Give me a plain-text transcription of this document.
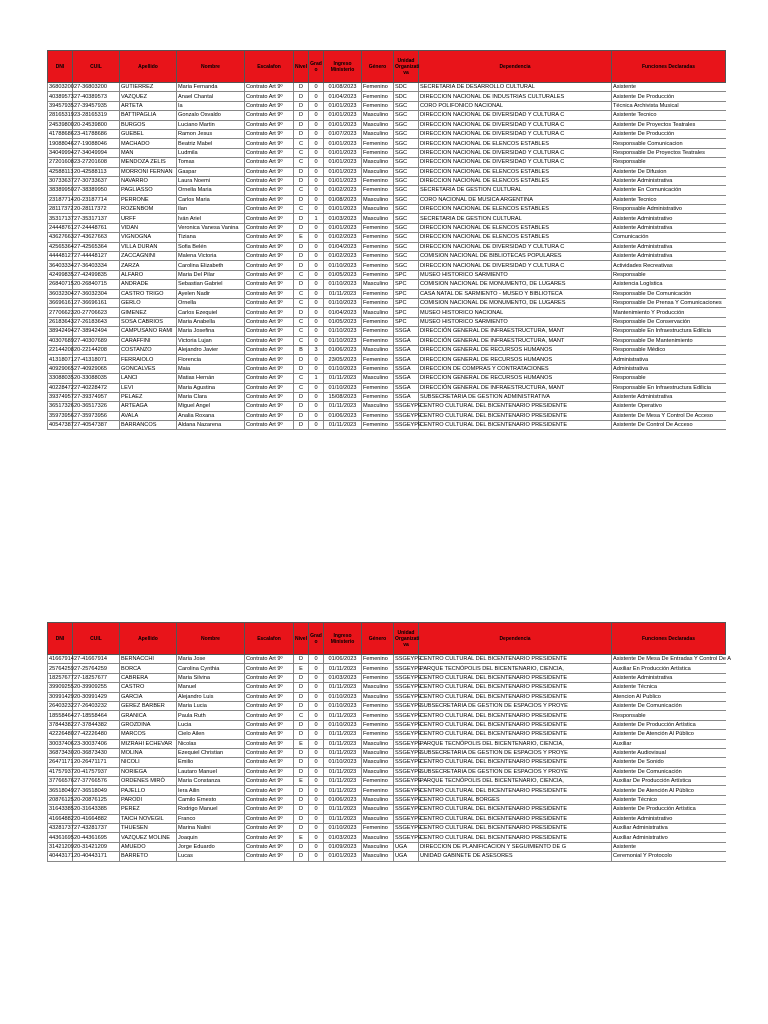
DNI	CUIL	Apellido	Nombre	Escalafon	Nivel	Grad o	Ingreso Ministerio	Género	Unidad Organizati va	Dependencia	Funciones Declaradas
36803200	27-36803200	GUTIERREZ	Maria Fernanda	Contrato Art 9º	D	0	01/08/2023	Femenino	SDC	SECRETARIA DE DESARROLLO CULTURAL	Asistente
40389573	27-40389573	VAZQUEZ	Anael Chantal	Contrato Art 9º	D	0	01/04/2023	Femenino	SDC	DIRECCION NACIONAL DE INDUSTRIAS CULTURALES	Asistente De Producción
39457935	27-39457935	ARTETA	Ia	Contrato Art 9º	D	0	01/01/2023	Femenino	SGC	CORO POLIFONICO NACIONAL	Técnica Archivista Musical
28165319	23-28165319	BATTIPAGLIA	Gonzalo Osvaldo	Contrato Art 9º	D	0	01/01/2023	Masculino	SGC	DIRECCION NACIONAL DE DIVERSIDAD Y CULTURA C	Asistente Tecnico
24539800	20-24539800	BURGOS	Luciano Martin	Contrato Art 9º	D	0	01/01/2023	Masculino	SGC	DIRECCION NACIONAL DE DIVERSIDAD Y CULTURA C	Asistente De Proyectos Teatrales
41788686	23-41788686	GUEBEL	Ramon Jesus	Contrato Art 9º	D	0	01/07/2023	Masculino	SGC	DIRECCION NACIONAL DE DIVERSIDAD Y CULTURA C	Asistente De Producción
19088046	27-19088046	MACHADO	Beatriz Mabel	Contrato Art 9º	C	0	01/01/2023	Femenino	SGC	DIRECCION NACIONAL DE ELENCOS ESTABLES	Responsable Comunicacion
34049994	27-34049994	MAN	Ludmila	Contrato Art 9º	C	0	01/01/2023	Femenino	SGC	DIRECCION NACIONAL DE DIVERSIDAD Y CULTURA C	Responsable De Proyectos Teatrales
27201608	23-27201608	MENDOZA ZELIS	Tomas	Contrato Art 9º	C	0	01/01/2023	Masculino	SGC	DIRECCION NACIONAL DE DIVERSIDAD Y CULTURA C	Responsable
42588113	20-42588113	MORRONI FERNAN	Gaspar	Contrato Art 9º	D	0	01/01/2023	Masculino	SGC	DIRECCION NACIONAL DE ELENCOS ESTABLES	Asistente De Difusion
30733637	27-30733637	NAVARRO	Laura Noemi	Contrato Art 9º	D	0	01/01/2023	Femenino	SGC	DIRECCION NACIONAL DE ELENCOS ESTABLES	Asistente Administrativa
38389950	27-38389950	PAGLIASSO	Ornella Maria	Contrato Art 9º	C	0	01/02/2023	Femenino	SGC	SECRETARIA DE GESTION CULTURAL	Asistente En Comunicación
23187714	20-23187714	PERRONE	Carlos Maria	Contrato Art 9º	D	0	01/08/2023	Masculino	SGC	CORO NACIONAL DE MUSICA ARGENTINA	Asistente Tecnico
28117372	20-28117372	ROZENBOM	Ilan	Contrato Art 9º	C	0	01/01/2023	Masculino	SGC	DIRECCION NACIONAL DE ELENCOS ESTABLES	Responsable Administrativo
35317137	27-35317137	URFF	Iván Ariel	Contrato Art 9º	D	1	01/03/2023	Masculino	SGC	SECRETARIA DE GESTION CULTURAL	Asistente Administrativo
24448761	27-24448761	VIDAN	Veronica Vanesa Vanina	Contrato Art 9º	D	0	01/01/2023	Femenino	SGC	DIRECCION NACIONAL DE ELENCOS ESTABLES	Asistente Administrativa
43627663	27-43627663	VIGNOGNA	Tiziana	Contrato Art 9º	E	0	01/02/2023	Femenino	SGC	DIRECCION NACIONAL DE ELENCOS ESTABLES	Comunicación
42565364	27-42565364	VILLA DURAN	Sofia Belén	Contrato Art 9º	D	0	01/04/2023	Femenino	SGC	DIRECCION NACIONAL DE DIVERSIDAD Y CULTURA C	Asistente Administrativa
44448127	27-44448127	ZACCAGNINI	Malena Victoria	Contrato Art 9º	D	0	01/02/2023	Femenino	SGC	COMISION NACIONAL DE BIBLIOTECAS POPULARES	Asistente Administrativa
36403334	27-36403334	ZARZA	Carolina Elizabeth	Contrato Art 9º	D	0	01/10/2023	Femenino	SGC	DIRECCION NACIONAL DE DIVERSIDAD Y CULTURA C	Actividades Recreativas
42499835	27-42499835	ALFARO	Maria Del Pilar	Contrato Art 9º	C	0	01/05/2023	Femenino	SPC	MUSEO HISTORICO SARMIENTO	Responsable
26840715	20-26840715	ANDRADE	Sebastian Gabriel	Contrato Art 9º	D	0	01/10/2023	Masculino	SPC	COMISION NACIONAL DE MONUMENTO, DE LUGARES	Asistencia Logística
36032304	27-36032304	CASTRO TRIGO	Ayelen Nadir	Contrato Art 9º	C	0	01/11/2023	Femenino	SPC	CASA NATAL DE SARMIENTO - MUSEO Y BIBLIOTECA	Responsable De Comunicación
36696161	27-36696161	GERLO	Ornella	Contrato Art 9º	C	0	01/10/2023	Femenino	SPC	COMISION NACIONAL DE MONUMENTO, DE LUGARES	Responsable De Prensa Y Comunicaciones
27706623	20-27706623	GIMENEZ	Carlos Ezequiel	Contrato Art 9º	D	0	01/04/2023	Masculino	SPC	MUSEO HISTORICO NACIONAL	Mantenimiento Y Producción
26183643	27-26183643	SOSA CABRIOS	Maria Anabella	Contrato Art 9º	C	0	01/05/2023	Femenino	SPC	MUSEO HISTORICO SARMIENTO	Responsable De Conservación
38942494	27-38942494	CAMPUSANO RAMI	Maria Josefina	Contrato Art 9º	C	0	01/10/2023	Femenino	SSGA	DIRECCIÓN GENERAL DE INFRAESTRUCTURA, MANT	Responsable En Infraestructura Edilicia
40307689	27-40307689	CARAFFINI	Victoria Lujan	Contrato Art 9º	C	0	01/10/2023	Femenino	SSGA	DIRECCIÓN GENERAL DE INFRAESTRUCTURA, MANT	Responsable De Mantenimiento
22144208	20-22144208	COSTANZO	Alejandro Javier	Contrato Art 9º	B	3	01/06/2023	Masculino	SSGA	DIRECCION GENERAL DE RECURSOS HUMANOS	Responsable Médico
41318071	27-41318071	FERRAIOLO	Florencia	Contrato Art 9º	D	0	23/05/2023	Femenino	SSGA	DIRECCION GENERAL DE RECURSOS HUMANOS	Administrativa
40929065	27-40929065	GONCALVES	Maia	Contrato Art 9º	D	0	01/10/2023	Femenino	SSGA	DIRECCION DE COMPRAS Y CONTRATACIONES	Administrativa
33088035	20-33088035	LANCI	Matias Hernán	Contrato Art 9º	C	1	01/11/2023	Masculino	SSGA	DIRECCION GENERAL DE RECURSOS HUMANOS	Responsable
40228472	27-40228472	LEVI	Maria Agustina	Contrato Art 9º	C	0	01/10/2023	Femenino	SSGA	DIRECCIÓN GENERAL DE INFRAESTRUCTURA, MANT	Responsable En Infraestructura Edilicia
39374957	27-39374957	PELAEZ	Maria Clara	Contrato Art 9º	D	0	15/08/2023	Femenino	SSGA	SUBSECRETARIA DE GESTION ADMINISTRATIVA	Asistente Administrativa
36517326	20-36517326	ARTEAGA	Miguel Angel	Contrato Art 9º	D	0	01/11/2023	Masculino	SSGEYPE	CENTRO CULTURAL DEL BICENTENARIO PRESIDENTE	Asistente Operativo
35973956	27-35973956	AVALA	Analia Roxana	Contrato Art 9º	D	0	01/06/2023	Femenino	SSGEYPE	CENTRO CULTURAL DEL BICENTENARIO PRESIDENTE	Asistente De Mesa Y Control De Acceso
40547387	27-40547387	BARRANCOS	Aldana Nazarena	Contrato Art 9º	D	0	01/11/2023	Femenino	SSGEYPE	CENTRO CULTURAL DEL BICENTENARIO PRESIDENTE	Asistente De Control De Acceso
DNI	CUIL	Apellido	Nombre	Escalafon	Nivel	Grad o	Ingreso Ministerio	Género	Unidad Organizati va	Dependencia	Funciones Declaradas
41667914	27-41667914	BERNACCHI	Maria Jose	Contrato Art 9º	D	0	01/06/2023	Femenino	SSGEYPE	CENTRO CULTURAL DEL BICENTENARIO PRESIDENTE	Asistente De Mesa De Entradas Y Control De A
25764259	27-25764259	BORCA	Carolina Cynthia	Contrato Art 9º	E	0	01/11/2023	Femenino	SSGEYPE	PARQUE TECNÓPOLIS DEL BICENTENARIO, CIENCIA,	Auxiliar En Producción Artística
18257677	27-18257677	CABRERA	Maria Silvina	Contrato Art 9º	D	0	01/03/2023	Femenino	SSGEYPE	CENTRO CULTURAL DEL BICENTENARIO PRESIDENTE	Asistente Administrativa
39909255	20-39909255	CASTRO	Manuel	Contrato Art 9º	D	0	01/11/2023	Masculino	SSGEYPE	CENTRO CULTURAL DEL BICENTENARIO PRESIDENTE	Asistente Técnica
30991429	20-30991429	GARCIA	Alejandro Luis	Contrato Art 9º	D	0	01/10/2023	Masculino	SSGEYPE	CENTRO CULTURAL DEL BICENTENARIO PRESIDENTE	Atencion Al Publico
26403232	27-26403232	GEREZ BARBER	Maria Lucia	Contrato Art 9º	D	0	01/10/2023	Femenino	SSGEYPE	SUBSECRETARIA DE GESTION DE ESPACIOS Y PROYE	Asistente De Comunicación
18558464	27-18558464	GRANICA	Paula Ruth	Contrato Art 9º	C	0	01/11/2023	Femenino	SSGEYPE	CENTRO CULTURAL DEL BICENTENARIO PRESIDENTE	Responsable
37844382	27-37844382	GROZDINA	Lucia	Contrato Art 9º	D	0	01/10/2023	Femenino	SSGEYPE	CENTRO CULTURAL DEL BICENTENARIO PRESIDENTE	Asistente De Producción Artística
42226480	27-42226480	MARCOS	Cielo Ailen	Contrato Art 9º	D	0	01/11/2023	Femenino	SSGEYPE	CENTRO CULTURAL DEL BICENTENARIO PRESIDENTE	Asistente De Atención Al Público
30037406	23-30037406	MIZRAHI ECHEVAR	Nicolas	Contrato Art 9º	E	0	01/11/2023	Masculino	SSGEYPE	PARQUE TECNÓPOLIS DEL BICENTENARIO, CIENCIA,	Auxiliar
36873430	20-36873430	MOLINA	Ezequiel Christian	Contrato Art 9º	D	0	01/11/2023	Masculino	SSGEYPE	SUBSECRETARIA DE GESTION DE ESPACIOS Y PROYE	Asistente Audiovisual
26471171	20-26471171	NICOLI	Emilio	Contrato Art 9º	D	0	01/10/2023	Masculino	SSGEYPE	CENTRO CULTURAL DEL BICENTENARIO PRESIDENTE	Asistente De Sonido
41757937	20-41757937	NORIEGA	Lautaro Manuel	Contrato Art 9º	D	0	01/11/2023	Masculino	SSGEYPE	SUBSECRETARIA DE GESTION DE ESPACIOS Y PROYE	Asistente De Comunicación
37766576	27-37766576	ORDENES MIRÓ	Maria Constanza	Contrato Art 9º	E	0	01/11/2023	Femenino	SSGEYPE	PARQUE TECNÓPOLIS DEL BICENTENARIO, CIENCIA,	Auxiliar De Producción Artística
36518049	27-36518049	PAJELLO	Iera Ailin	Contrato Art 9º	D	0	01/11/2023	Femenino	SSGEYPE	CENTRO CULTURAL DEL BICENTENARIO PRESIDENTE	Asistente De Atención Al Público
20876125	20-20876125	PARODI	Camilo Ernesto	Contrato Art 9º	D	0	01/06/2023	Masculino	SSGEYPE	CENTRO CULTURAL BORGES	Asistente Técnico
31643385	20-31643385	PEREZ	Rodrigo Manuel	Contrato Art 9º	D	0	01/11/2023	Masculino	SSGEYPE	CENTRO CULTURAL DEL BICENTENARIO PRESIDENTE	Asistente De Producción Artística
41664882	20-41664882	TAICH NOVEGIL	Franco	Contrato Art 9º	D	0	01/11/2023	Masculino	SSGEYPE	CENTRO CULTURAL DEL BICENTENARIO PRESIDENTE	Asistente Administrativo
43281737	27-43281737	THUESEN	Marina Nalini	Contrato Art 9º	D	0	01/10/2023	Femenino	SSGEYPE	CENTRO CULTURAL DEL BICENTENARIO PRESIDENTE	Auxiliar Administrativa
44361695	20-44361695	VAZQUEZ MOLINE	Joaquin	Contrato Art 9º	E	0	01/03/2023	Masculino	SSGEYPE	CENTRO CULTURAL DEL BICENTENARIO PRESIDENTE	Auxiliar Administrativo
31421209	20-31421209	AMUEDO	Jorge Eduardo	Contrato Art 9º	D	0	01/09/2023	Masculino	UGA	DIRECCION DE PLANIFICACION Y SEGUIMIENTO DE G	Asistente
40443171	20-40443171	BARRETO	Lucas	Contrato Art 9º	D	0	01/01/2023	Masculino	UGA	UNIDAD GABINETE DE ASESORES	Ceremonial Y Protocolo
